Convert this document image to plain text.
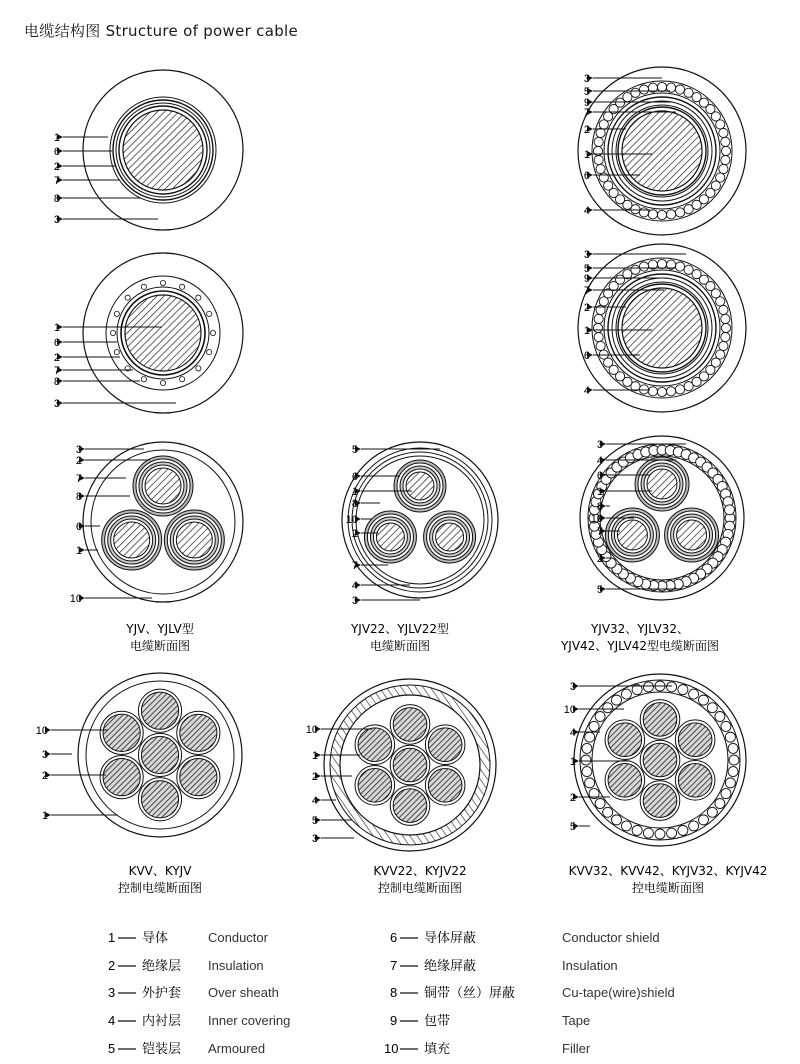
电缆结构图 Structure of power cable
1
6
2
7
8
3
3
5
9
7
2
1
6
4
1
6
2
7
8
3
3
5
9
7
2
1
6
4
3
2
7
8
6
1
10
5
6
1
8
10
2
7
4
3
3
4
6
1
8
10
7
2
5
10
3
2
1
10
1
2
4
5
3
3
10
4
1
2
5
YJV、YJLV型
电缆断面图
YJV22、YJLV22型
电缆断面图
YJV32、YJLV32、
YJV42、YJLV42型电缆断面图
KVV、KYJV
控制电缆断面图
KVV22、KYJV22
控制电缆断面图
KVV32、KVV42、KYJV32、KYJV42
控电缆断面图
1 导体	Conductor
2 绝缘层 Insulation
3 外护套 Over sheath
4 内衬层 Inner covering
5 铠装层 Armoured
6 导体屏蔽	Conductor shield
7 绝缘屏蔽	Insulation
8 铜带（丝）屏蔽	Cu-tape(wire)shield
9 包带	Tape
10 填充	Filler
